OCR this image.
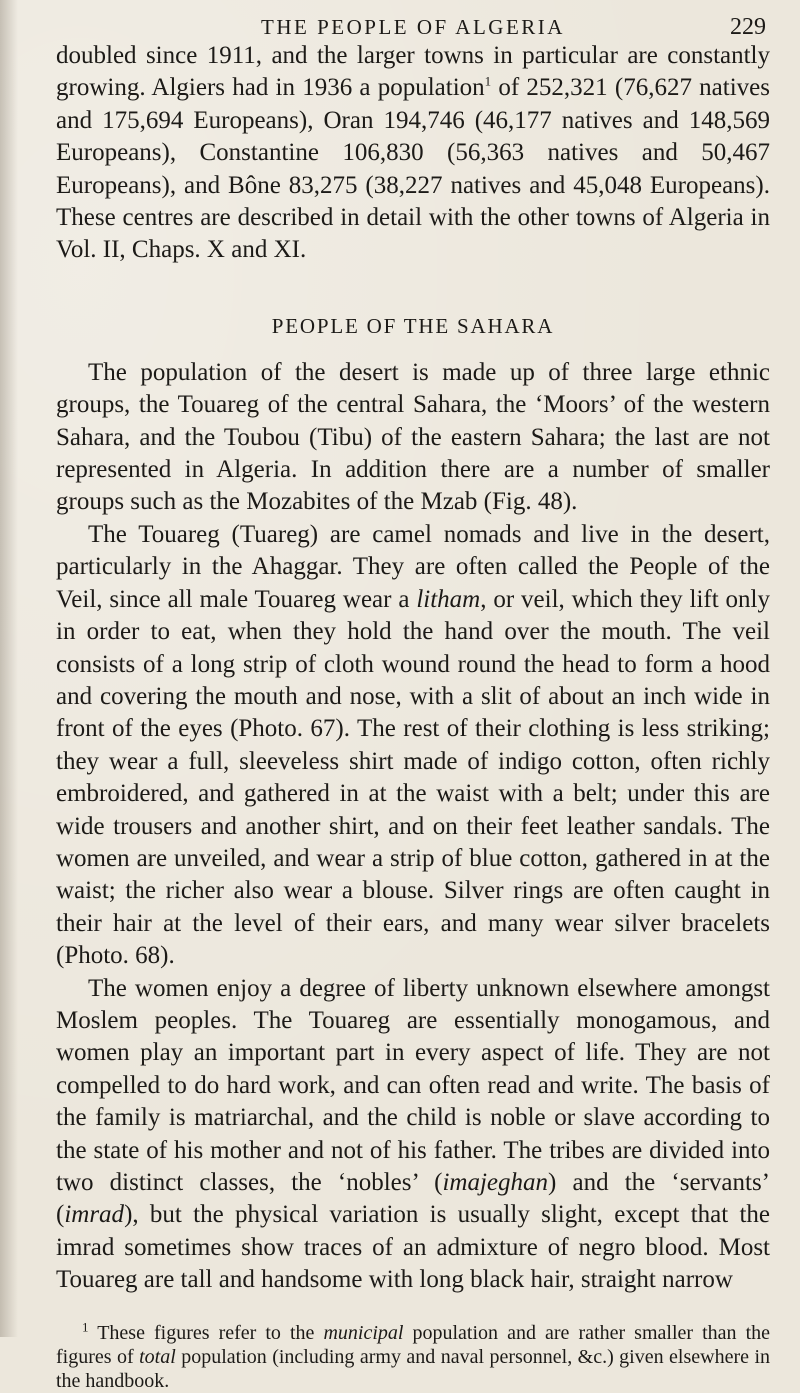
THE PEOPLE OF ALGERIA	229

doubled since 1911, and the larger towns in particular are constantly growing. Algiers had in 1936 a population$^1$ of 252,321 (76,627 natives and 175,694 Europeans), Oran 194,746 (46,177 natives and 148,569 Europeans), Constantine 106,830 (56,363 natives and 50,467 Europeans), and Bône 83,275 (38,227 natives and 45,048 Europeans). These centres are described in detail with the other towns of Algeria in Vol. II, Chaps. X and XI.

PEOPLE OF THE SAHARA

The population of the desert is made up of three large ethnic groups, the Touareg of the central Sahara, the ‘Moors’ of the western Sahara, and the Toubou (Tibu) of the eastern Sahara; the last are not represented in Algeria. In addition there are a number of smaller groups such as the Mozabites of the Mzab (Fig. 48).

The Touareg (Tuareg) are camel nomads and live in the desert, particularly in the Ahaggar. They are often called the People of the Veil, since all male Touareg wear a litham, or veil, which they lift only in order to eat, when they hold the hand over the mouth. The veil consists of a long strip of cloth wound round the head to form a hood and covering the mouth and nose, with a slit of about an inch wide in front of the eyes (Photo. 67). The rest of their clothing is less striking; they wear a full, sleeveless shirt made of indigo cotton, often richly embroidered, and gathered in at the waist with a belt; under this are wide trousers and another shirt, and on their feet leather sandals. The women are unveiled, and wear a strip of blue cotton, gathered in at the waist; the richer also wear a blouse. Silver rings are often caught in their hair at the level of their ears, and many wear silver bracelets (Photo. 68).

The women enjoy a degree of liberty unknown elsewhere amongst Moslem peoples. The Touareg are essentially monogamous, and women play an important part in every aspect of life. They are not compelled to do hard work, and can often read and write. The basis of the family is matriarchal, and the child is noble or slave according to the state of his mother and not of his father. The tribes are divided into two distinct classes, the ‘nobles’ (imajeghan) and the ‘servants’ (imrad), but the physical variation is usually slight, except that the imrad sometimes show traces of an admixture of negro blood. Most Touareg are tall and handsome with long black hair, straight narrow

$^1$ These figures refer to the municipal population and are rather smaller than the figures of total population (including army and naval personnel, &c.) given elsewhere in the handbook.
